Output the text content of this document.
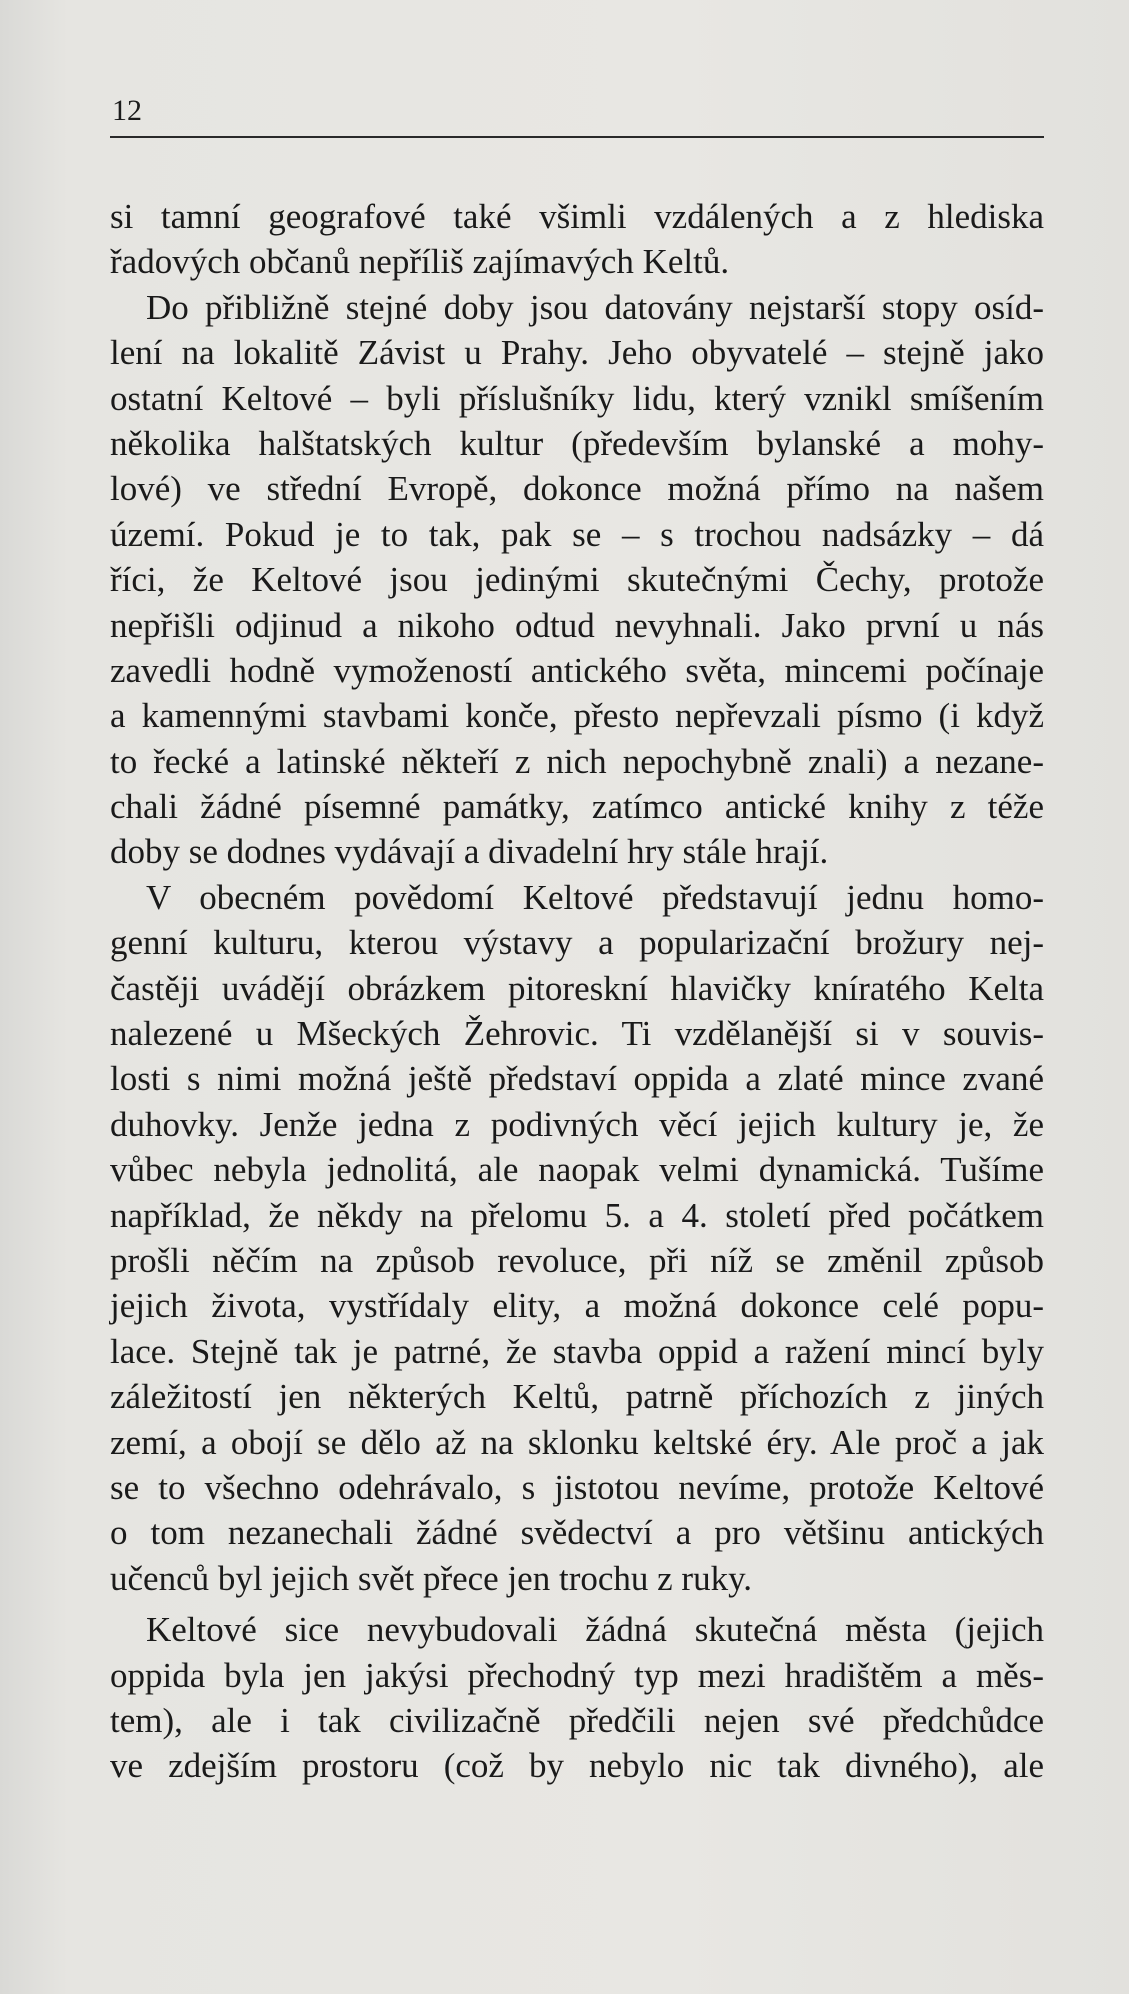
12
si tamní geografové také všimli vzdálených a z hlediska
řadových občanů nepříliš zajímavých Keltů.
Do přibližně stejné doby jsou datovány nejstarší stopy osíd-
lení na lokalitě Závist u Prahy. Jeho obyvatelé – stejně jako
ostatní Keltové – byli příslušníky lidu, který vznikl smíšením
několika halštatských kultur (především bylanské a mohy-
lové) ve střední Evropě, dokonce možná přímo na našem
území. Pokud je to tak, pak se – s trochou nadsázky – dá
říci, že Keltové jsou jedinými skutečnými Čechy, protože
nepřišli odjinud a nikoho odtud nevyhnali. Jako první u nás
zavedli hodně vymožeností antického světa, mincemi počínaje
a kamennými stavbami konče, přesto nepřevzali písmo (i když
to řecké a latinské někteří z nich nepochybně znali) a nezane-
chali žádné písemné památky, zatímco antické knihy z téže
doby se dodnes vydávají a divadelní hry stále hrají.
V obecném povědomí Keltové představují jednu homo-
genní kulturu, kterou výstavy a popularizační brožury nej-
častěji uvádějí obrázkem pitoreskní hlavičky kníratého Kelta
nalezené u Mšeckých Žehrovic. Ti vzdělanější si v souvis-
losti s nimi možná ještě představí oppida a zlaté mince zvané
duhovky. Jenže jedna z podivných věcí jejich kultury je, že
vůbec nebyla jednolitá, ale naopak velmi dynamická. Tušíme
například, že někdy na přelomu 5. a 4. století před počátkem
prošli něčím na způsob revoluce, při níž se změnil způsob
jejich života, vystřídaly elity, a možná dokonce celé popu-
lace. Stejně tak je patrné, že stavba oppid a ražení mincí byly
záležitostí jen některých Keltů, patrně příchozích z jiných
zemí, a obojí se dělo až na sklonku keltské éry. Ale proč a jak
se to všechno odehrávalo, s jistotou nevíme, protože Keltové
o tom nezanechali žádné svědectví a pro většinu antických
učenců byl jejich svět přece jen trochu z ruky.
Keltové sice nevybudovali žádná skutečná města (jejich
oppida byla jen jakýsi přechodný typ mezi hradištěm a měs-
tem), ale i tak civilizačně předčili nejen své předchůdce
ve zdejším prostoru (což by nebylo nic tak divného), ale
